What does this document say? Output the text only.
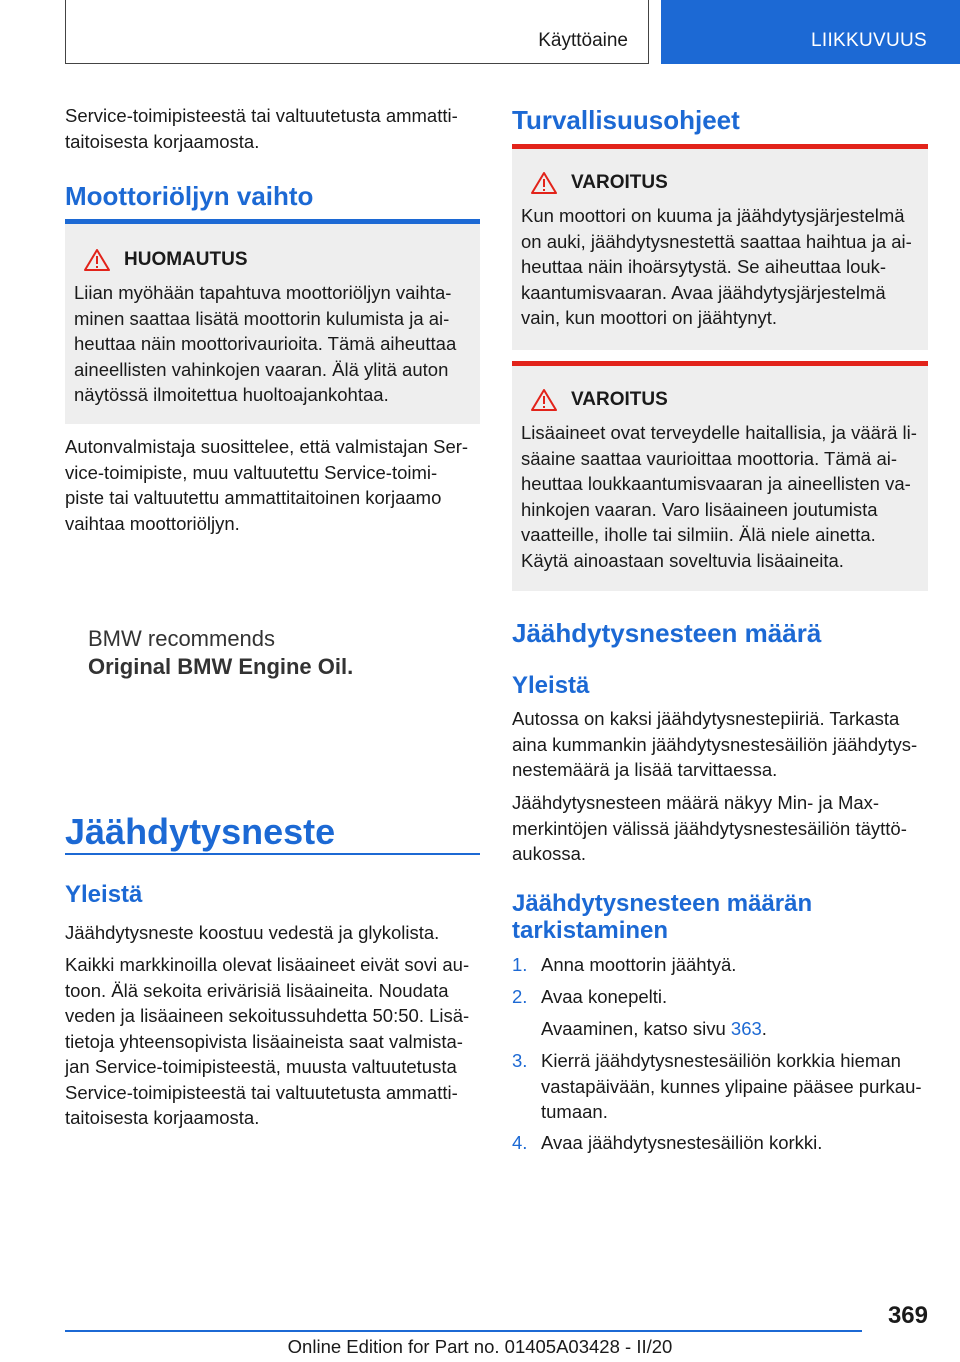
Käyttöaine	LIIKKUVUUS

Service-toimipisteestä tai valtuutetusta ammatti-
taitoisesta korjaamosta.

Moottoriöljyn vaihto
HUOMAUTUS

Liian myöhään tapahtuva moottoriöljyn vaihta-
minen saattaa lisätä moottorin kulumista ja ai-
heuttaa näin moottorivaurioita. Tämä aiheuttaa
aineellisten vahinkojen vaaran. Älä ylitä auton
näytössä ilmoitettua huoltoajankohtaa.

Autonvalmistaja suosittelee, että valmistajan Ser-
vice-toimipiste, muu valtuutettu Service-toimi-
piste tai valtuutettu ammattitaitoinen korjaamo
vaihtaa moottoriöljyn.

BMW recommends
Original BMW Engine Oil.
Jäähdytysneste
Yleistä

Jäähdytysneste koostuu vedestä ja glykolista.

Kaikki markkinoilla olevat lisäaineet eivät sovi au-
toon. Älä sekoita erivärisiä lisäaineita. Noudata
veden ja lisäaineen sekoitussuhdetta 50:50. Lisä-
tietoja yhteensopivista lisäaineista saat valmista-
jan Service-toimipisteestä, muusta valtuutetusta
Service-toimipisteestä tai valtuutetusta ammatti-
taitoisesta korjaamosta.

Turvallisuusohjeet
VAROITUS

Kun moottori on kuuma ja jäähdytysjärjestelmä
on auki, jäähdytysnestettä saattaa haihtua ja ai-
heuttaa näin ihoärsytystä. Se aiheuttaa louk-
kaantumisvaaran. Avaa jäähdytysjärjestelmä
vain, kun moottori on jäähtynyt.

VAROITUS

Lisäaineet ovat terveydelle haitallisia, ja väärä li-
säaine saattaa vaurioittaa moottoria. Tämä ai-
heuttaa loukkaantumisvaaran ja aineellisten va-
hinkojen vaaran. Varo lisäaineen joutumista
vaatteille, iholle tai silmiin. Älä niele ainetta.
Käytä ainoastaan soveltuvia lisäaineita.

Jäähdytysnesteen määrä
Yleistä

Autossa on kaksi jäähdytysnestepiiriä. Tarkasta
aina kummankin jäähdytysnestesäiliön jäähdytys-
nestemäärä ja lisää tarvittaessa.

Jäähdytysnesteen määrä näkyy Min- ja Max-
merkintöjen välissä jäähdytysnestesäiliön täyttö-
aukossa.

Jäähdytysnesteen määrän
tarkistaminen
1. Anna moottorin jäähtyä.
2. Avaa konepelti.
Avaaminen, katso sivu 363.
3. Kierrä jäähdytysnestesäiliön korkkia hieman
vastapäivään, kunnes ylipaine pääsee purkau-
tumaan.
4. Avaa jäähdytysnestesäiliön korkki.
369
Online Edition for Part no. 01405A03428 - II/20
